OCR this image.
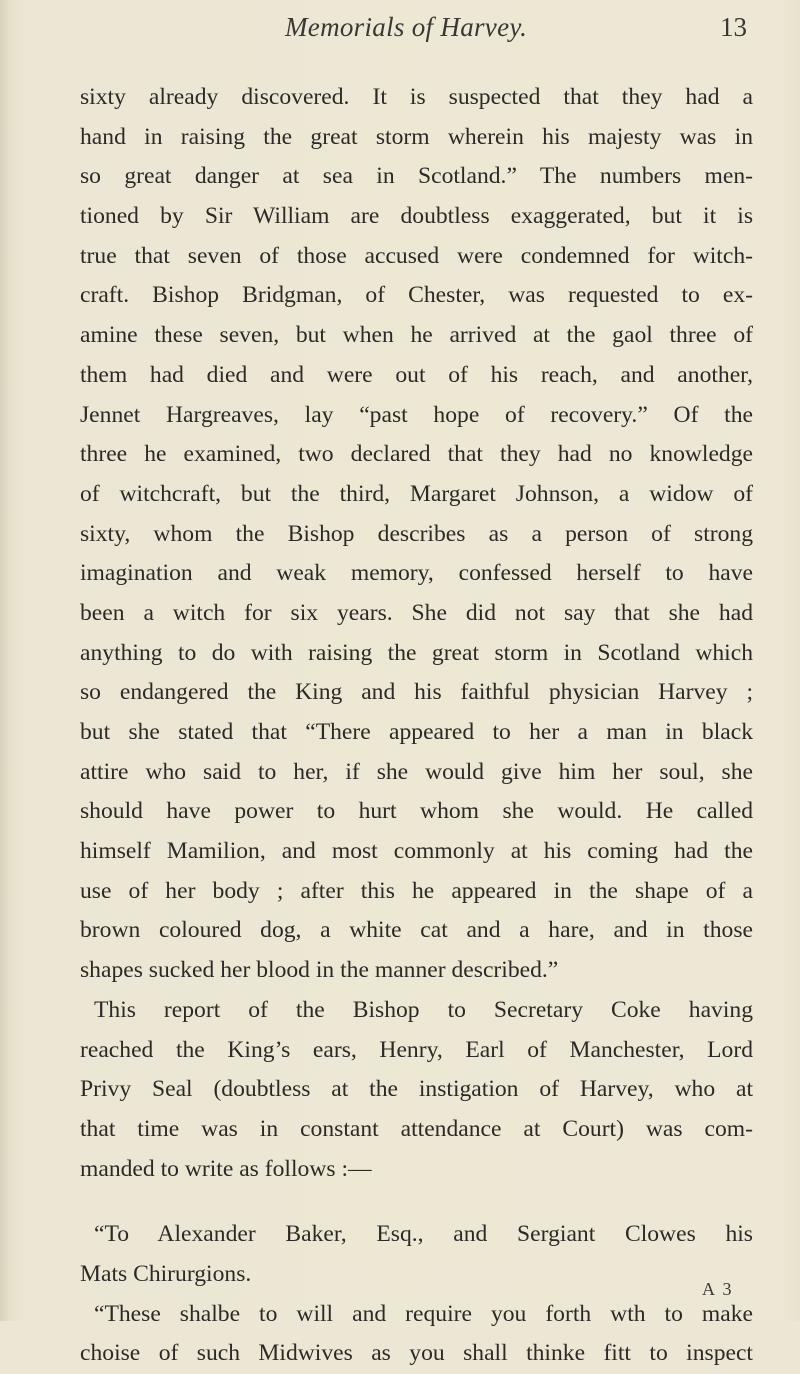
Memorials of Harvey.	13
sixty already discovered. It is suspected that they had a
hand in raising the great storm wherein his majesty was in
so great danger at sea in Scotland.” The numbers men-
tioned by Sir William are doubtless exaggerated, but it is
true that seven of those accused were condemned for witch-
craft. Bishop Bridgman, of Chester, was requested to ex-
amine these seven, but when he arrived at the gaol three of
them had died and were out of his reach, and another,
Jennet Hargreaves, lay “past hope of recovery.” Of the
three he examined, two declared that they had no knowledge
of witchcraft, but the third, Margaret Johnson, a widow of
sixty, whom the Bishop describes as a person of strong
imagination and weak memory, confessed herself to have
been a witch for six years. She did not say that she had
anything to do with raising the great storm in Scotland which
so endangered the King and his faithful physician Harvey ;
but she stated that “There appeared to her a man in black
attire who said to her, if she would give him her soul, she
should have power to hurt whom she would. He called
himself Mamilion, and most commonly at his coming had the
use of her body ; after this he appeared in the shape of a
brown coloured dog, a white cat and a hare, and in those
shapes sucked her blood in the manner described.”
This report of the Bishop to Secretary Coke having
reached the King’s ears, Henry, Earl of Manchester, Lord
Privy Seal (doubtless at the instigation of Harvey, who at
that time was in constant attendance at Court) was com-
manded to write as follows :—
“To Alexander Baker, Esq., and Sergiant Clowes his
Mats Chirurgions.
“These shalbe to will and require you forth wth to make
choise of such Midwives as you shall thinke fitt to inspect
A 3
